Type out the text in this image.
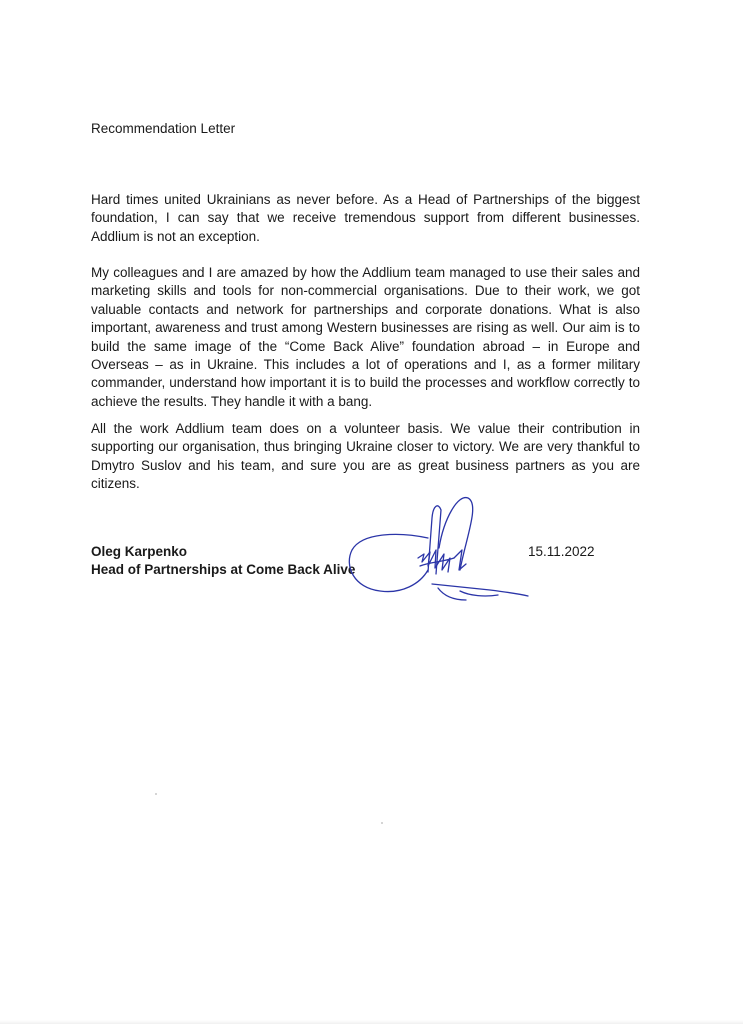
Recommendation Letter

Hard times united Ukrainians as never before. As a Head of Partnerships of the biggest foundation, I can say that we receive tremendous support from different businesses. Addlium is not an exception.

My colleagues and I are amazed by how the Addlium team managed to use their sales and marketing skills and tools for non-commercial organisations. Due to their work, we got valuable contacts and network for partnerships and corporate donations. What is also important, awareness and trust among Western businesses are rising as well. Our aim is to build the same image of the “Come Back Alive” foundation abroad – in Europe and Overseas – as in Ukraine. This includes a lot of operations and I, as a former military commander, understand how important it is to build the processes and workflow correctly to achieve the results. They handle it with a bang.

All the work Addlium team does on a volunteer basis. We value their contribution in supporting our organisation, thus bringing Ukraine closer to victory. We are very thankful to Dmytro Suslov and his team, and sure you are as great business partners as you are citizens.

Oleg Karpenko
Head of Partnerships at Come Back Alive
15.11.2022
